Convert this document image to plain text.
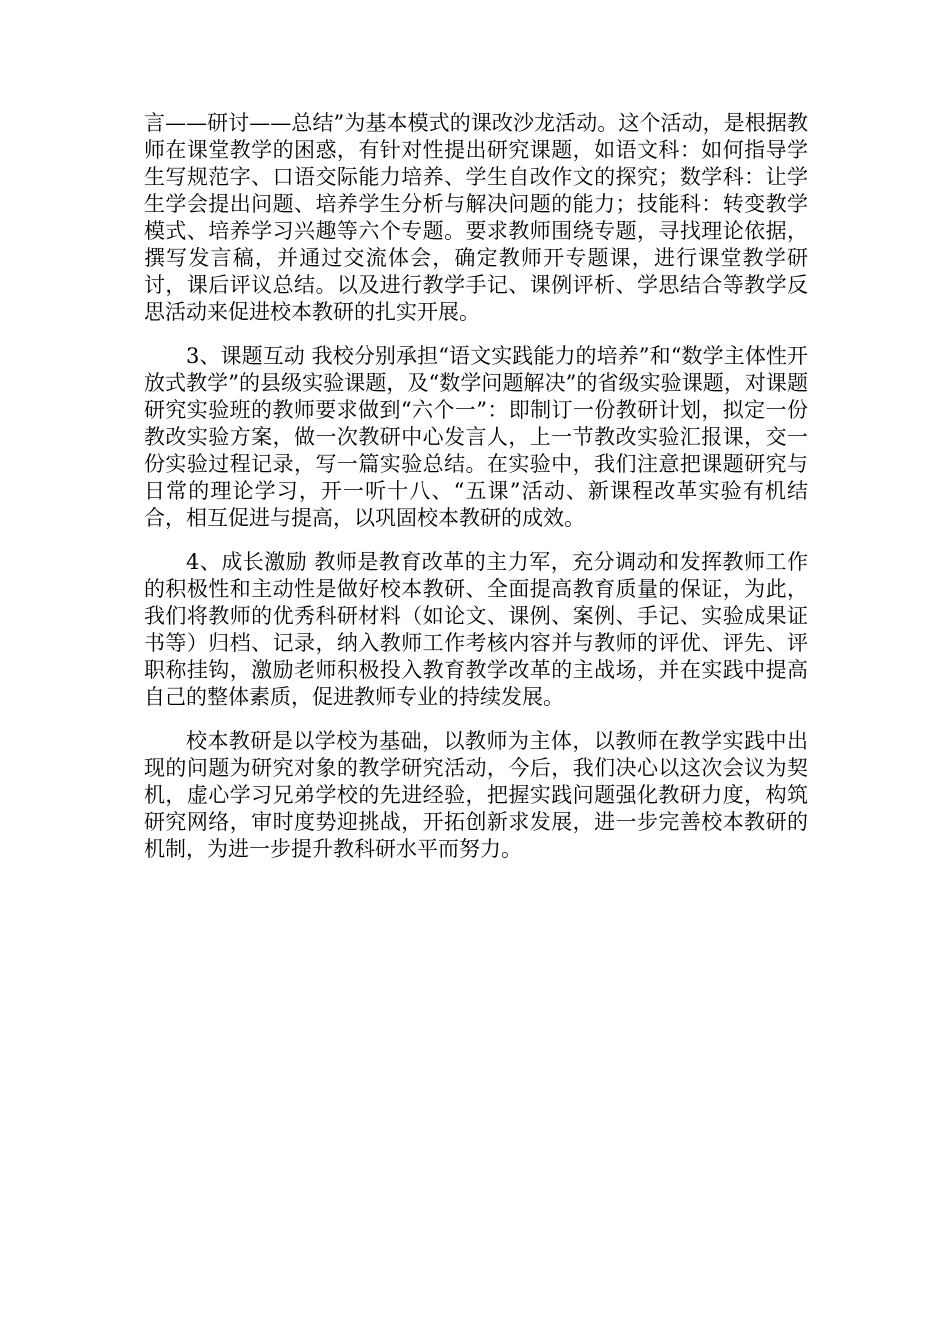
言——研讨——总结”为基本模式的课改沙龙活动。这个活动，是根据教师在课堂教学的困惑，有针对性提出研究课题，如语文科：如何指导学生写规范字、口语交际能力培养、学生自改作文的探究；数学科：让学生学会提出问题、培养学生分析与解决问题的能力；技能科：转变教学模式、培养学习兴趣等六个专题。要求教师围绕专题，寻找理论依据，撰写发言稿，并通过交流体会，确定教师开专题课，进行课堂教学研讨，课后评议总结。以及进行教学手记、课例评析、学思结合等教学反思活动来促进校本教研的扎实开展。

3、课题互动 我校分别承担“语文实践能力的培养”和“数学主体性开放式教学”的县级实验课题，及“数学问题解决”的省级实验课题，对课题研究实验班的教师要求做到“六个一”：即制订一份教研计划，拟定一份教改实验方案，做一次教研中心发言人，上一节教改实验汇报课，交一份实验过程记录，写一篇实验总结。在实验中，我们注意把课题研究与日常的理论学习，开一听十八、“五课”活动、新课程改革实验有机结合，相互促进与提高，以巩固校本教研的成效。

4、成长激励 教师是教育改革的主力军，充分调动和发挥教师工作的积极性和主动性是做好校本教研、全面提高教育质量的保证，为此，我们将教师的优秀科研材料（如论文、课例、案例、手记、实验成果证书等）归档、记录，纳入教师工作考核内容并与教师的评优、评先、评职称挂钩，激励老师积极投入教育教学改革的主战场，并在实践中提高自己的整体素质，促进教师专业的持续发展。

校本教研是以学校为基础，以教师为主体，以教师在教学实践中出现的问题为研究对象的教学研究活动，今后，我们决心以这次会议为契机，虚心学习兄弟学校的先进经验，把握实践问题强化教研力度，构筑研究网络，审时度势迎挑战，开拓创新求发展，进一步完善校本教研的机制，为进一步提升教科研水平而努力。
